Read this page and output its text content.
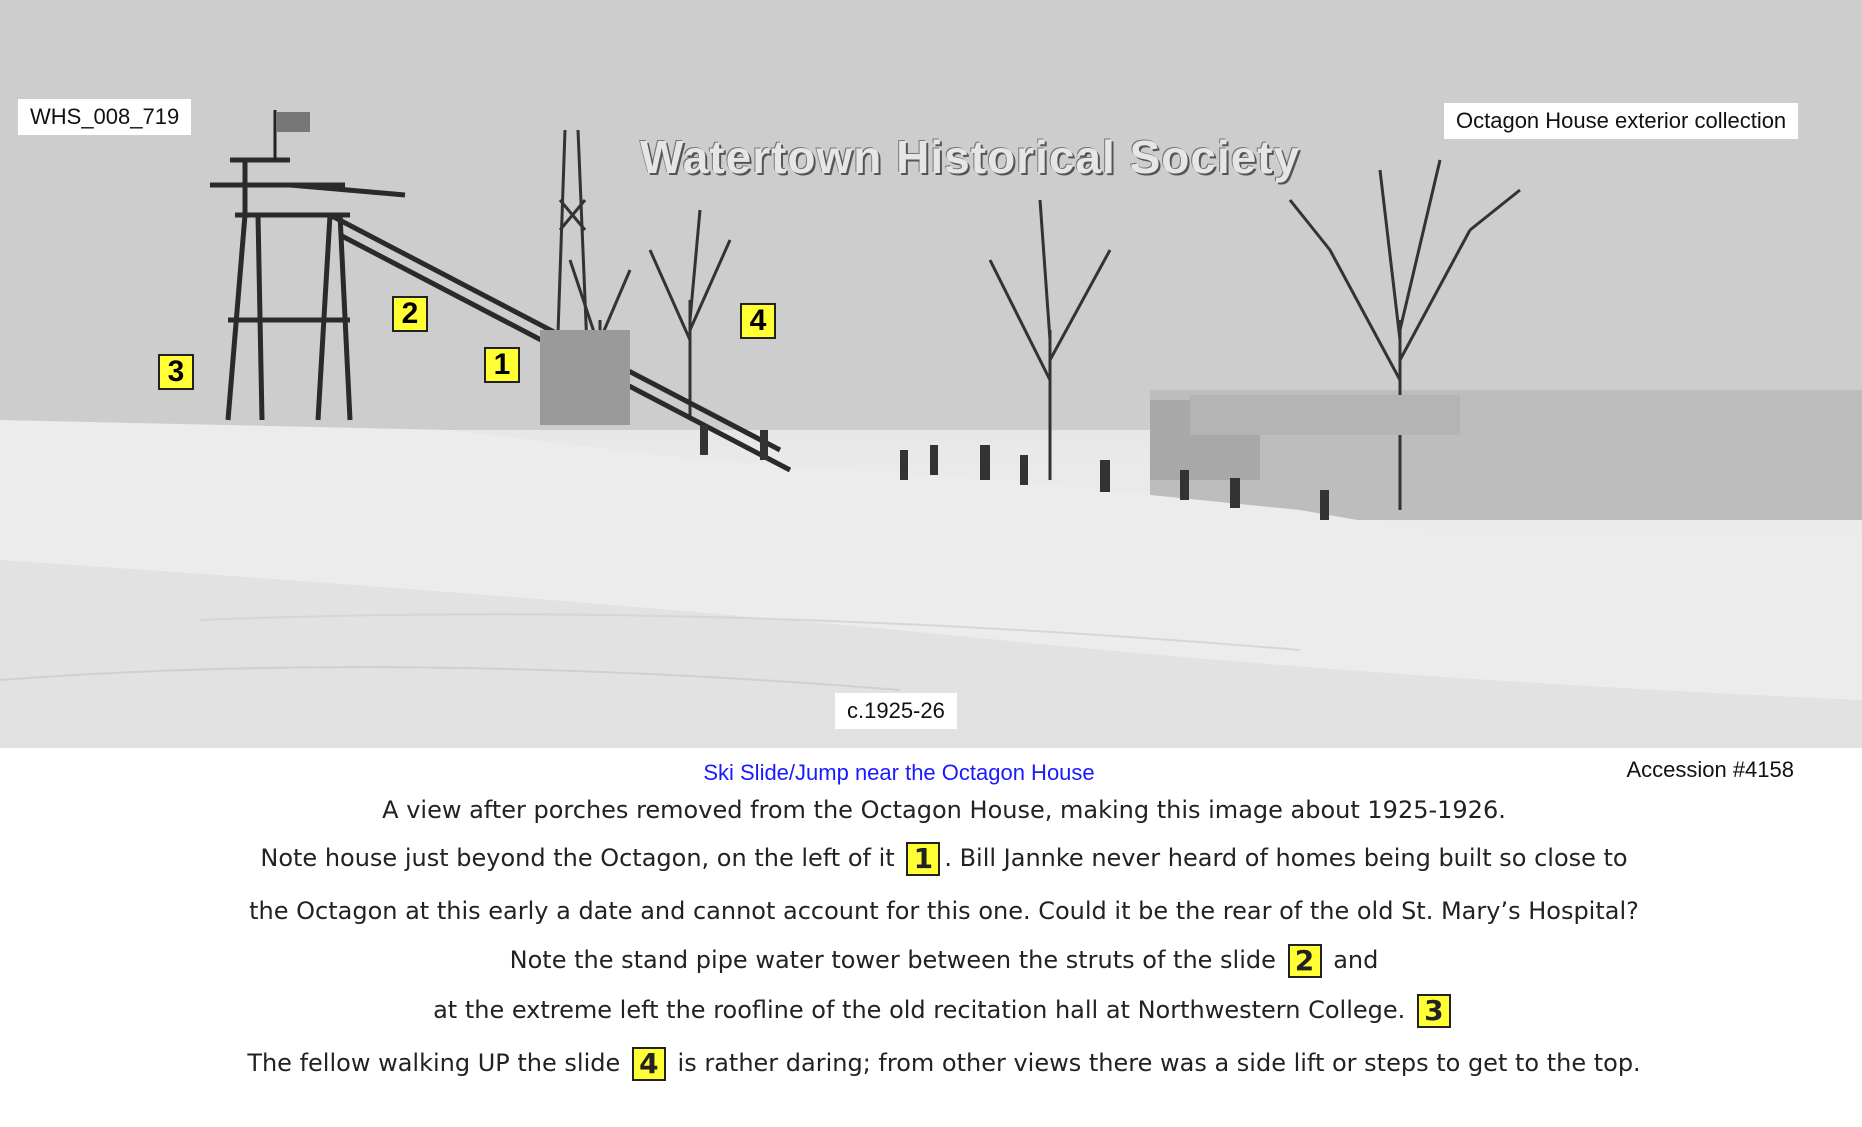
WHS_008_719	Octagon House exterior collection
Watertown Historical Society
c.1925-26
1
2
3
4
Ski Slide/Jump near the Octagon House	Accession #4158
A view after porches removed from the Octagon House, making this image about 1925-1926.
Note house just beyond the Octagon, on the left of it 1 . Bill Jannke never heard of homes being built so close to
the Octagon at this early a date and cannot account for this one. Could it be the rear of the old St. Mary’s Hospital?
Note the stand pipe water tower between the struts of the slide 2 and
at the extreme left the roofline of the old recitation hall at Northwestern College. 3
The fellow walking UP the slide 4 is rather daring; from other views there was a side lift or steps to get to the top.
